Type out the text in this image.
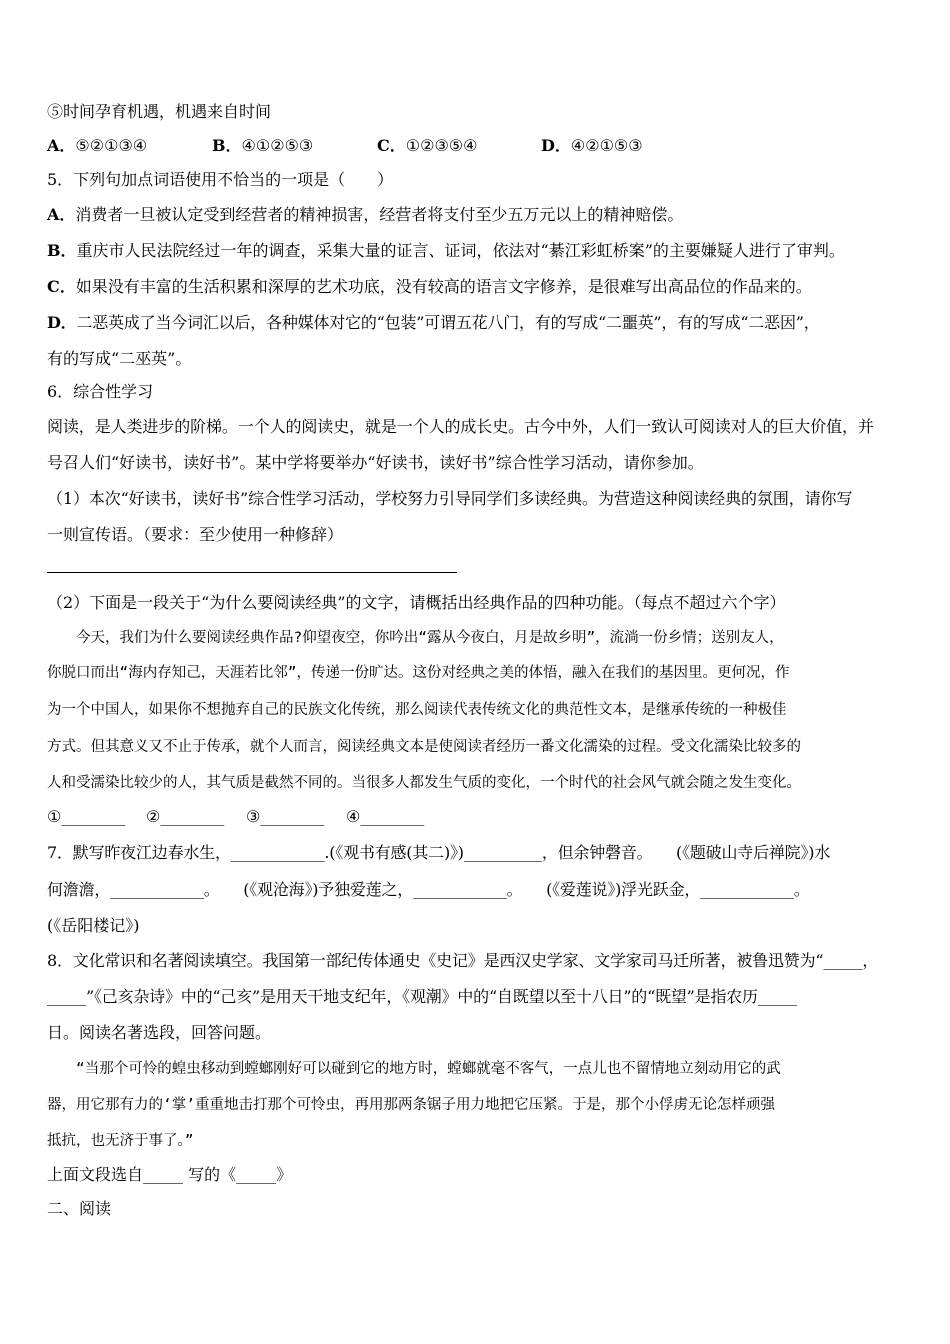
⑤时间孕育机遇，机遇来自时间
A．⑤②①③④	B．④①②⑤③	C．①②③⑤④	D．④②①⑤③
5．下列句加点词语使用不恰当的一项是（　　）
A．消费者一旦被认定受到经营者的精神损害，经营者将支付至少五万元以上的精神赔偿。
B．重庆市人民法院经过一年的调查，采集大量的证言、证词，依法对“綦江彩虹桥案”的主要嫌疑人进行了审判。
C．如果没有丰富的生活积累和深厚的艺术功底，没有较高的语言文字修养，是很难写出高品位的作品来的。
D．二恶英成了当今词汇以后，各种媒体对它的“包装”可谓五花八门，有的写成“二噩英”，有的写成“二恶因”，
有的写成“二巫英”。
6．综合性学习
阅读，是人类进步的阶梯。一个人的阅读史，就是一个人的成长史。古今中外，人们一致认可阅读对人的巨大价值，并
号召人们“好读书，读好书”。某中学将要举办“好读书，读好书”综合性学习活动，请你参加。
（1）本次“好读书，读好书”综合性学习活动，学校努力引导同学们多读经典。为营造这种阅读经典的氛围，请你写
一则宣传语。（要求：至少使用一种修辞）
（2）下面是一段关于“为什么要阅读经典”的文字，请概括出经典作品的四种功能。（每点不超过六个字）
　　今天，我们为什么要阅读经典作品?仰望夜空，你吟出“露从今夜白，月是故乡明”，流淌一份乡情；送别友人，
你脱口而出“海内存知己，天涯若比邻”，传递一份旷达。这份对经典之美的体悟，融入在我们的基因里。更何况，作
为一个中国人，如果你不想抛弃自己的民族文化传统，那么阅读代表传统文化的典范性文本，是继承传统的一种极佳
方式。但其意义又不止于传承，就个人而言，阅读经典文本是使阅读者经历一番文化濡染的过程。受文化濡染比较多的
人和受濡染比较少的人，其气质是截然不同的。当很多人都发生气质的变化，一个时代的社会风气就会随之发生变化。
①________ ②________ ③________ ④________
7．默写昨夜江边春水生，____________.(《观书有感(其二)》)__________，但余钟磬音。　　(《题破山寺后禅院》)水
何澹澹，____________。　　(《观沧海》)予独爱莲之，____________。　　(《爱莲说》)浮光跃金，____________。
(《岳阳楼记》)
8．文化常识和名著阅读填空。我国第一部纪传体通史《史记》是西汉史学家、文学家司马迁所著，被鲁迅赞为“_____，
_____”《己亥杂诗》中的“己亥”是用天干地支纪年，《观潮》中的“自既望以至十八日”的“既望”是指农历_____
日。阅读名著选段，回答问题。
　　“当那个可怜的蝗虫移动到螳螂刚好可以碰到它的地方时，螳螂就毫不客气，一点儿也不留情地立刻动用它的武
器，用它那有力的‘掌’重重地击打那个可怜虫，再用那两条锯子用力地把它压紧。于是，那个小俘虏无论怎样顽强
抵抗，也无济于事了。”
上面文段选自_____ 写的《_____》
二、阅读
